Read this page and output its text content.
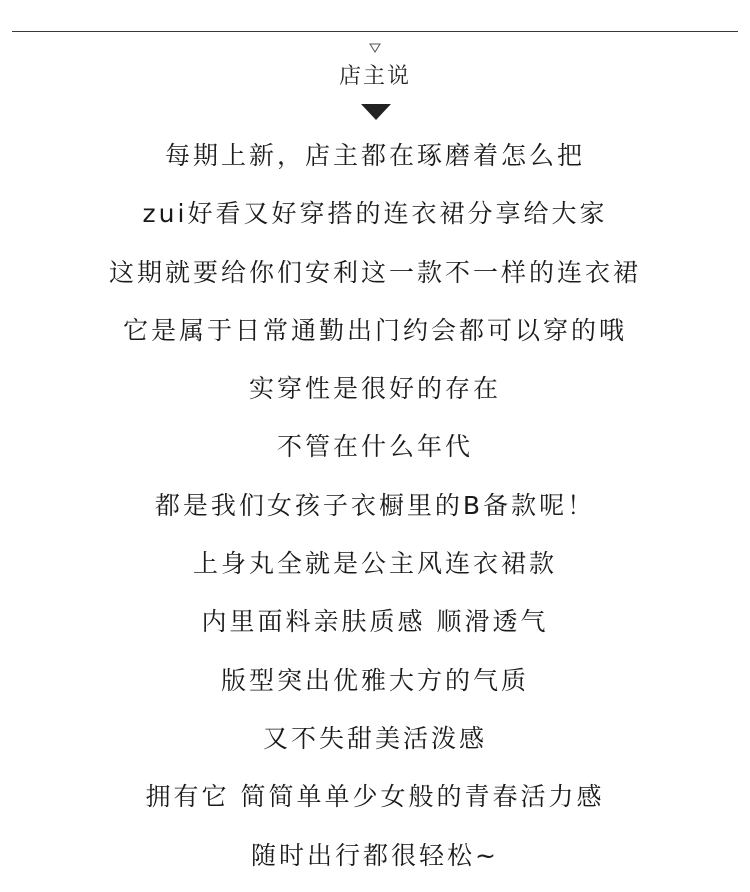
店主说
每期上新，店主都在琢磨着怎么把
zui好看又好穿搭的连衣裙分享给大家
这期就要给你们安利这一款不一样的连衣裙
它是属于日常通勤出门约会都可以穿的哦
实穿性是很好的存在
不管在什么年代
都是我们女孩子衣橱里的B备款呢！
上身丸全就是公主风连衣裙款
内里面料亲肤质感 顺滑透气
版型突出优雅大方的气质
又不失甜美活泼感
拥有它 简简单单少女般的青春活力感
随时出行都很轻松~
